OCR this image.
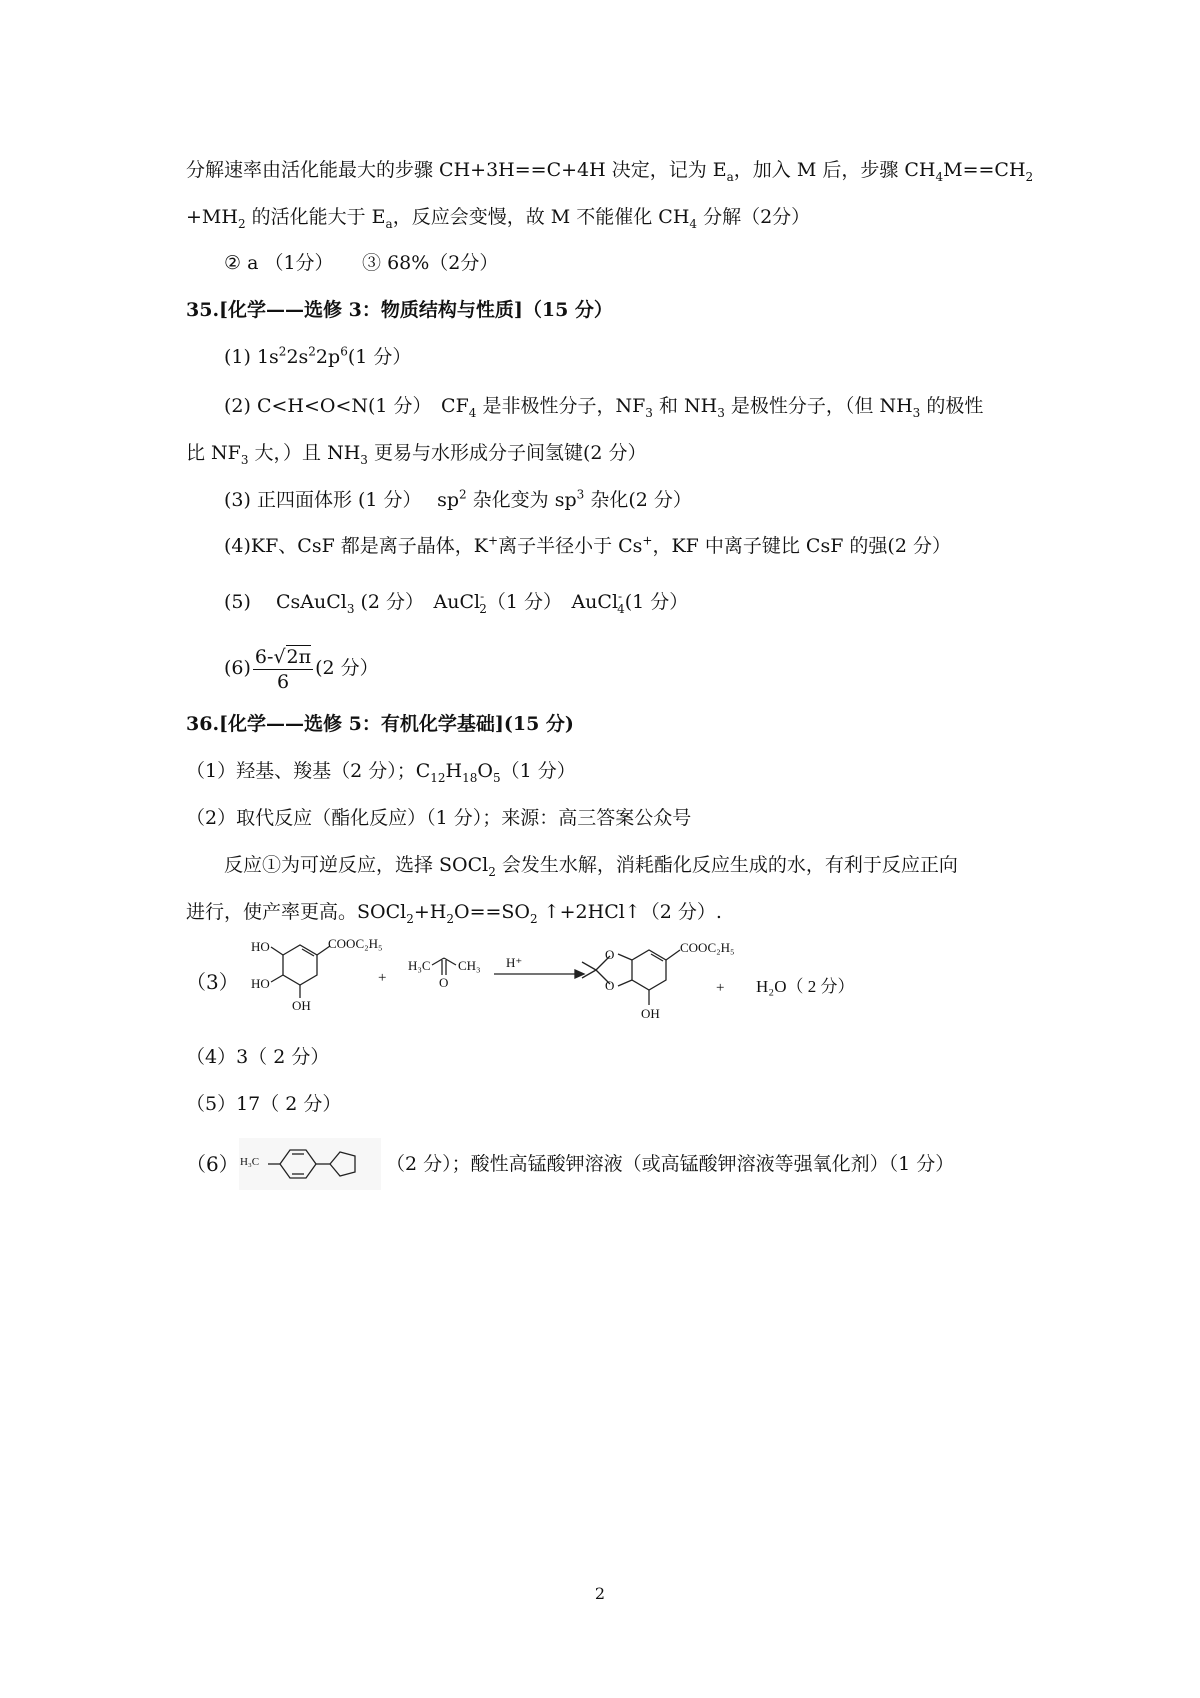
分解速率由活化能最大的步骤 CH+3H==C+4H 决定，记为 $E_a$，加入 M 后，步骤 $CH_4M==CH_2$
$+MH_2$ 的活化能大于 $E_a$，反应会变慢，故 M 不能催化 $CH_4$ 分解（2分）
② a （1分）　　③ 68%（2分）
35.[化学——选修 3：物质结构与性质]（15 分）
(1) $1s^22s^22p^6(1$ 分）
(2) C<H<O<N(1 分）　$CF_4$ 是非极性分子，$NF_3$ 和 $NH_3$ 是极性分子，（但 $NH_3$ 的极性
比 $NF_3$ 大，）且 $NH_3$ 更易与水形成分子间氢键(2 分）
(3) 正四面体形 (1 分）　 $sp^2$ 杂化变为 $sp^3$ 杂化(2 分）
(4)KF、CsF 都是离子晶体，K+离子半径小于 Cs+，KF 中离子键比 CsF 的强(2 分）
(5)　 CsAuCl$_3$ (2 分）　AuCl-$_2$（1 分）　AuCl-$_4$(1 分）
$(6) \frac{6-√2\pi}{6} (2$ 分）
36.[化学——选修 5：有机化学基础](15 分)
（1）羟基、羧基（2 分）；$C_{12}H_{18}O_5(1$ 分）
（2）取代反应（酯化反应）（1 分）；来源：高三答案公众号
反应①为可逆反应，选择 SOCl$_2$ 会发生水解，消耗酯化反应生成的水，有利于反应正向
进行，使产率更高。$SOCl_2+H_2O==SO_2$ ↑+2HCl↑（2 分）.
（3）
HO	COOC₂H₅
HO
OH
+
H₃C CH₃
O
H⁺
COOC₂H₅
O
O
OH
+ H₂O（ 2 分）
（4）3（ 2 分）
（5）17（ 2 分）
（6） H₃C	（2 分）；酸性高锰酸钾溶液（或高锰酸钾溶液等强氧化剂）（1 分）
2
